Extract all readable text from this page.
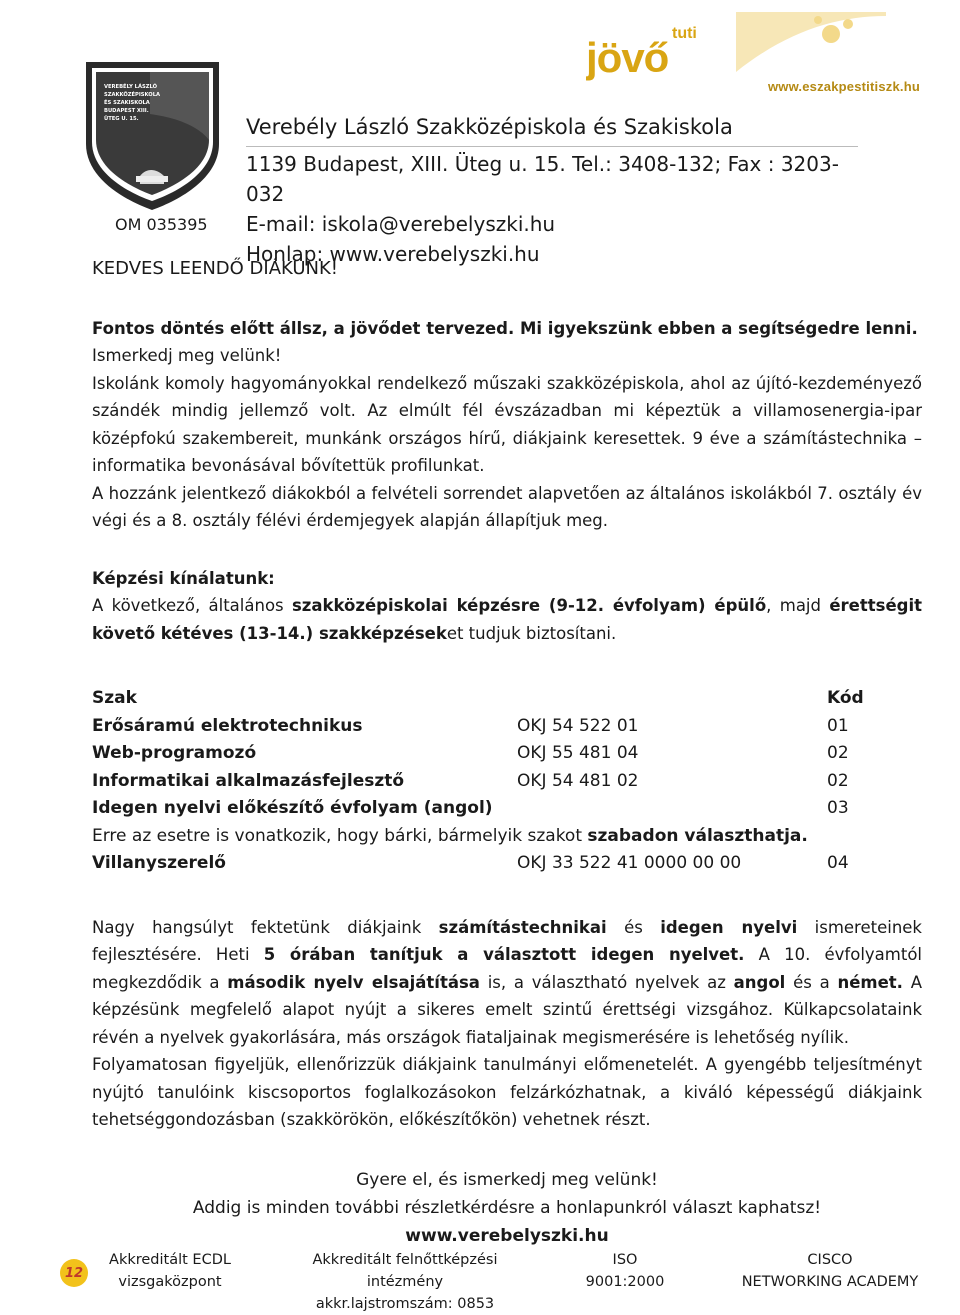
tuti
jövő
www.eszakpestitiszk.hu
VEREBÉLY LÁSZLÓ
SZAKKÖZÉPISKOLA
ÉS SZAKISKOLA
BUDAPEST XIII.
ÜTEG U. 15.
OM 035395
Verebély László Szakközépiskola és Szakiskola
1139 Budapest, XIII. Üteg u. 15. Tel.: 3408-132; Fax : 3203-032
E-mail: iskola@verebelyszki.hu
Honlap: www.verebelyszki.hu
KEDVES LEENDŐ DIÁKUNK!

Fontos döntés előtt állsz, a jövődet tervezed. Mi igyekszünk ebben a segítségedre lenni.

Ismerkedj meg velünk!

Iskolánk komoly hagyományokkal rendelkező műszaki szakközépiskola, ahol az újító-kezdeményező szándék mindig jellemző volt. Az elmúlt fél évszázadban mi képeztük a villamosenergia-ipar középfokú szakembereit, munkánk országos hírű, diákjaink keresettek. 9 éve a számítástechnika – informatika bevonásával bővítettük profilunkat.

A hozzánk jelentkező diákokból a felvételi sorrendet alapvetően az általános iskolákból 7. osztály év végi és a 8. osztály félévi érdemjegyek alapján állapítjuk meg.

Képzési kínálatunk:

A következő, általános szakközépiskolai képzésre (9-12. évfolyam) épülő, majd érettségit követő kétéves (13-14.) szakképzéseket tudjuk biztosítani.

Szak		Kód
Erősáramú elektrotechnikus	OKJ 54 522 01	01
Web-programozó	OKJ 55 481 04	02
Informatikai alkalmazásfejlesztő	OKJ 54 481 02	02
Idegen nyelvi előkészítő évfolyam (angol)		03
Erre az esetre is vonatkozik, hogy bárki, bármelyik szakot szabadon választhatja.		
Villanyszerelő	OKJ 33 522 41 0000 00 00	04

Nagy hangsúlyt fektetünk diákjaink számítástechnikai és idegen nyelvi ismereteinek fejlesztésére. Heti 5 órában tanítjuk a választott idegen nyelvet. A 10. évfolyamtól megkezdődik a második nyelv elsajátítása is, a választható nyelvek az angol és a német. A képzésünk megfelelő alapot nyújt a sikeres emelt szintű érettségi vizsgához. Külkapcsolataink révén a nyelvek gyakorlására, más országok fiataljainak megismerésére is lehetőség nyílik.

Folyamatosan figyeljük, ellenőrizzük diákjaink tanulmányi előmenetelét. A gyengébb teljesítményt nyújtó tanulóink kiscsoportos foglalkozásokon felzárkózhatnak, a kiváló képességű diákjaink tehetséggondozásban (szakkörökön, előkészítőkön) vehetnek részt.

Gyere el, és ismerkedj meg velünk!
Addig is minden további részletkérdésre a honlapunkról választ kaphatsz!
www.verebelyszki.hu
12
Akkreditált ECDL
vizsgaközpont
Akkreditált felnőttképzési
intézmény
akkr.lajstromszám: 0853
ISO
9001:2000
CISCO
NETWORKING ACADEMY
